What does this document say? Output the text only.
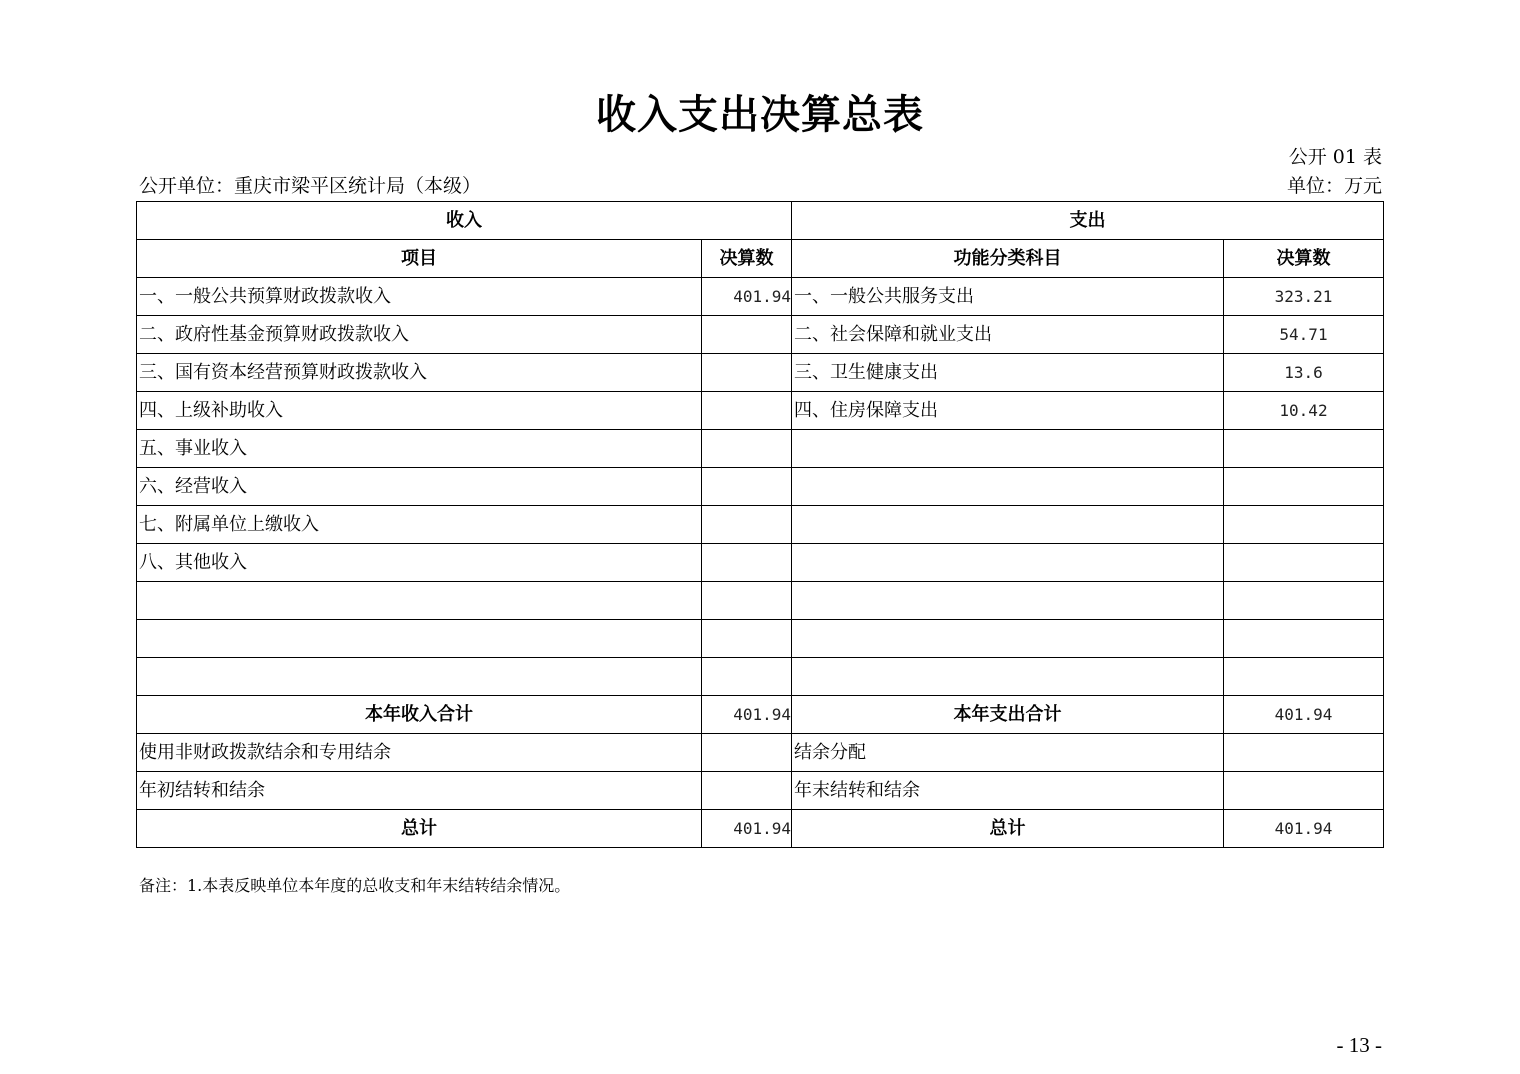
收入支出决算总表
公开 01 表
公开单位：重庆市梁平区统计局（本级）	单位：万元
收入		支出	
项目	决算数	功能分类科目	决算数
一、一般公共预算财政拨款收入	401.94	一、一般公共服务支出	323.21
二、政府性基金预算财政拨款收入		二、社会保障和就业支出	54.71
三、国有资本经营预算财政拨款收入		三、卫生健康支出	13.6
四、上级补助收入		四、住房保障支出	10.42
五、事业收入			
六、经营收入			
七、附属单位上缴收入			
八、其他收入			

本年收入合计	401.94	本年支出合计	401.94
使用非财政拨款结余和专用结余		结余分配	
年初结转和结余		年末结转和结余	
总计	401.94	总计	401.94
备注：1.本表反映单位本年度的总收支和年末结转结余情况。
- 13 -
